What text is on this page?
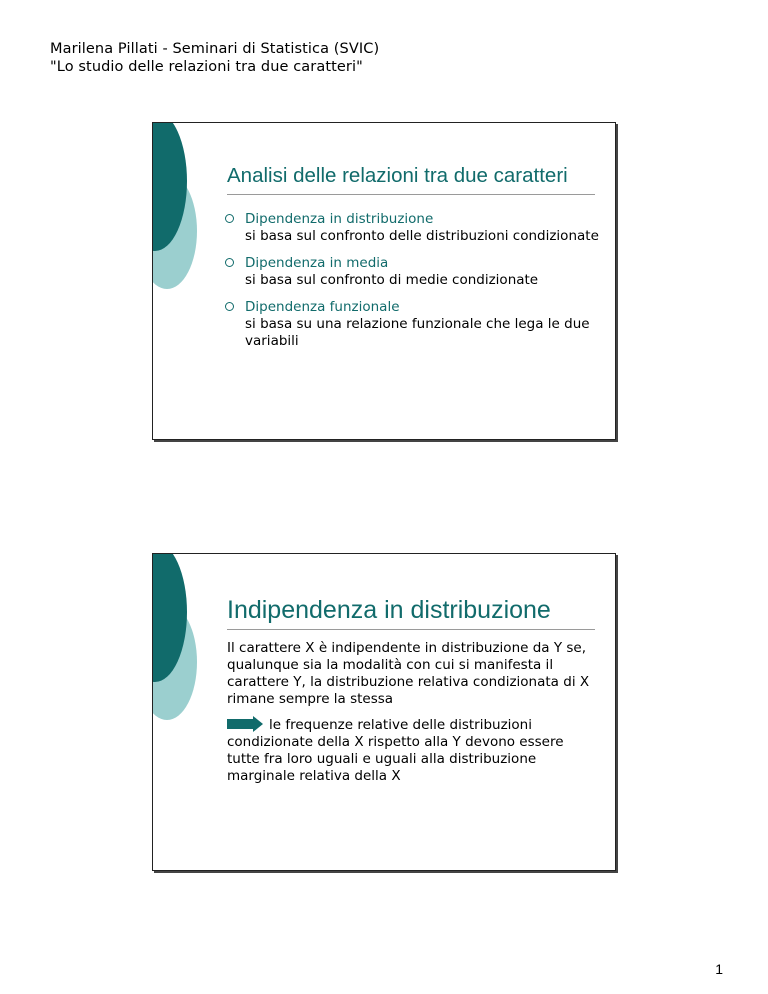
Marilena Pillati - Seminari di Statistica (SVIC)
"Lo studio delle relazioni tra due caratteri"
Analisi delle relazioni tra due caratteri
Dipendenza in distribuzione
si basa sul confronto delle distribuzioni condizionate
Dipendenza in media
si basa sul confronto di medie condizionate
Dipendenza funzionale
si basa su una relazione funzionale che lega le due variabili
Indipendenza in distribuzione
Il carattere X è indipendente in distribuzione da Y se, qualunque sia la modalità con cui si manifesta il carattere Y, la distribuzione relativa condizionata di X rimane sempre la stessa
le frequenze relative delle distribuzioni condizionate della X rispetto alla Y devono essere tutte fra loro uguali e uguali alla distribuzione marginale relativa della X
1
